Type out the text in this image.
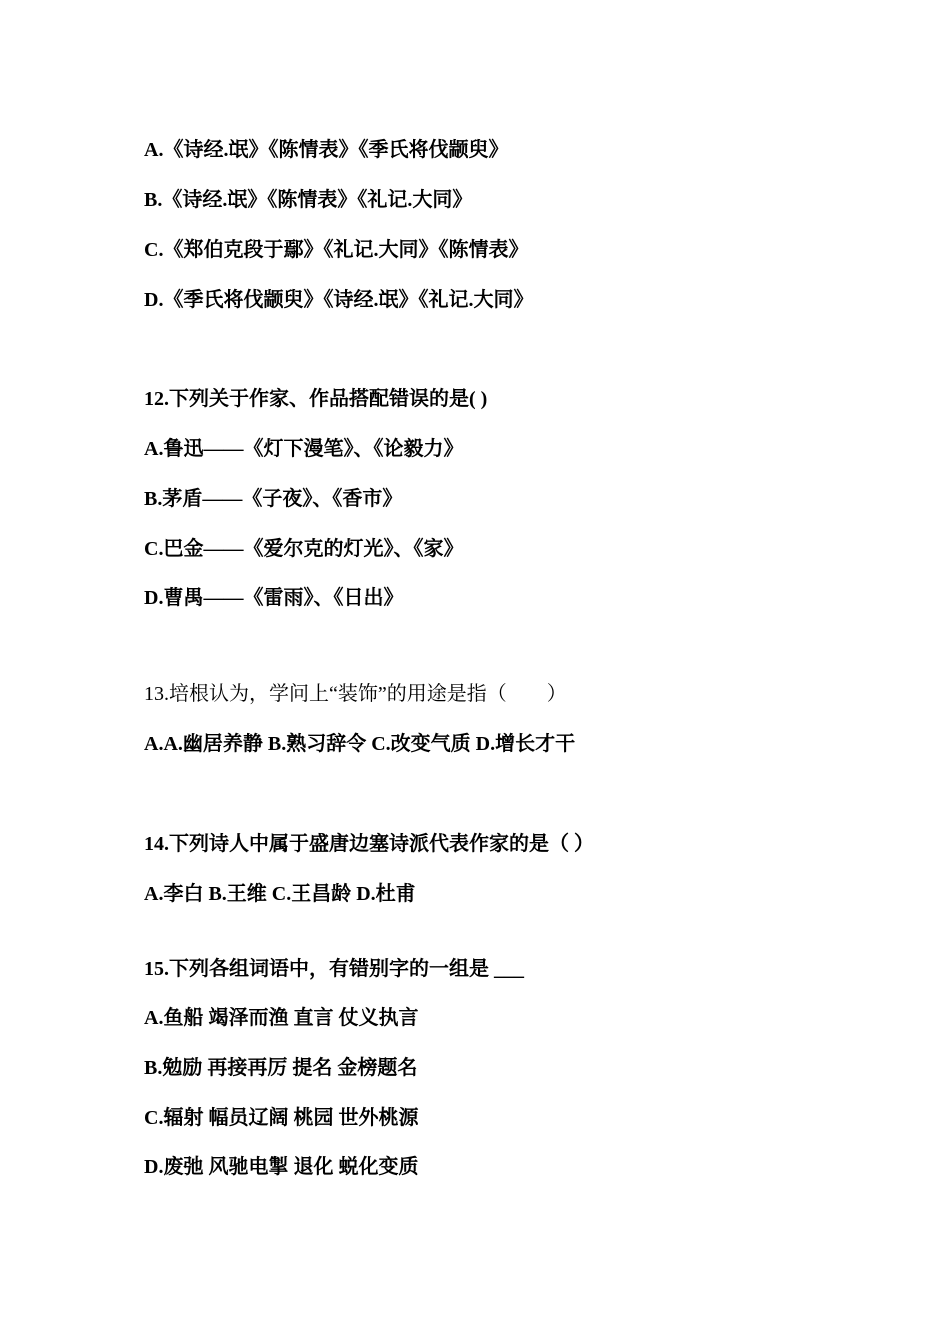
A.《诗经.氓》《陈情表》《季氏将伐颛臾》
B.《诗经.氓》《陈情表》《礼记.大同》
C.《郑伯克段于鄢》《礼记.大同》《陈情表》
D.《季氏将伐颛臾》《诗经.氓》《礼记.大同》
12.下列关于作家、作品搭配错误的是( )
A.鲁迅——《灯下漫笔》、《论毅力》
B.茅盾——《子夜》、《香市》
C.巴金——《爱尔克的灯光》、《家》
D.曹禺——《雷雨》、《日出》
13.培根认为，学问上“装饰”的用途是指（　　）
A.A.幽居养静 B.熟习辞令 C.改变气质 D.增长才干
14.下列诗人中属于盛唐边塞诗派代表作家的是（ ）
A.李白 B.王维 C.王昌龄 D.杜甫
15.下列各组词语中，有错别字的一组是 ___
A.鱼船 竭泽而渔 直言 仗义执言
B.勉励 再接再厉 提名 金榜题名
C.辐射 幅员辽阔 桃园 世外桃源
D.废弛 风驰电掣 退化 蜕化变质
